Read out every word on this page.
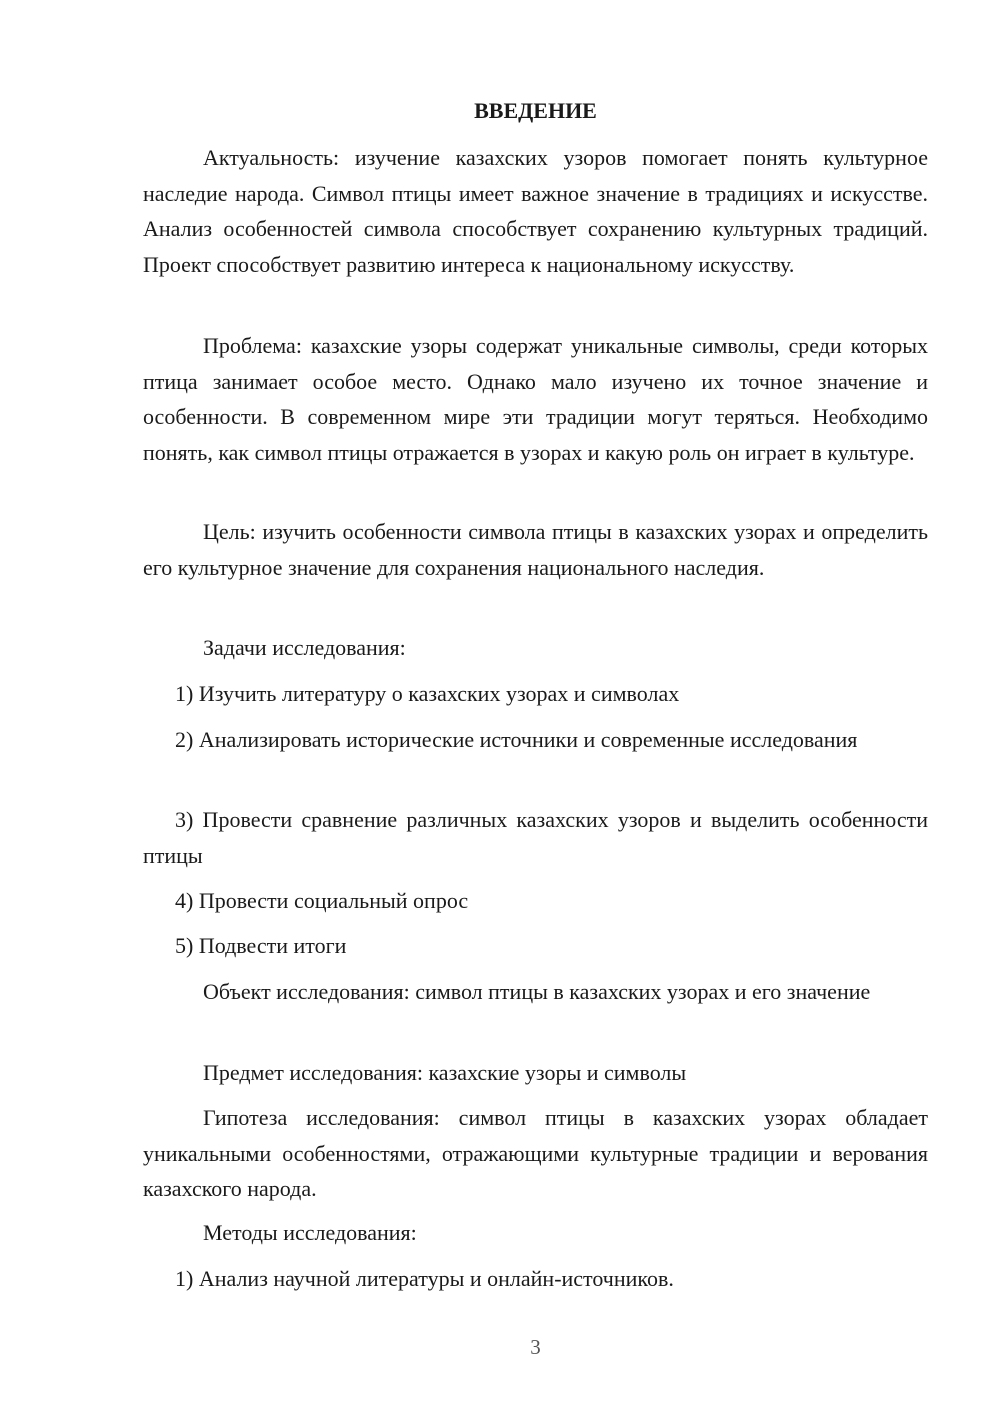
ВВЕДЕНИЕ

Актуальность: изучение казахских узоров помогает понять культурное наследие народа. Символ птицы имеет важное значение в традициях и искусстве. Анализ особенностей символа способствует сохранению культурных традиций. Проект способствует развитию интереса к национальному искусству.

Проблема: казахские узоры содержат уникальные символы, среди которых птица занимает особое место. Однако мало изучено их точное значение и особенности. В современном мире эти традиции могут теряться. Необходимо понять, как символ птицы отражается в узорах и какую роль он играет в культуре.

Цель: изучить особенности символа птицы в казахских узорах и определить его культурное значение для сохранения национального наследия.

Задачи исследования:

1) Изучить литературу о казахских узорах и символах

2) Анализировать исторические источники и современные исследования

3) Провести сравнение различных казахских узоров и выделить особенности птицы

4) Провести социальный опрос

5) Подвести итоги

Объект исследования: символ птицы в казахских узорах и его значение

Предмет исследования: казахские узоры и символы

Гипотеза исследования: символ птицы в казахских узорах обладает уникальными особенностями, отражающими культурные традиции и верования казахского народа.

Методы исследования:

1) Анализ научной литературы и онлайн-источников.

3
